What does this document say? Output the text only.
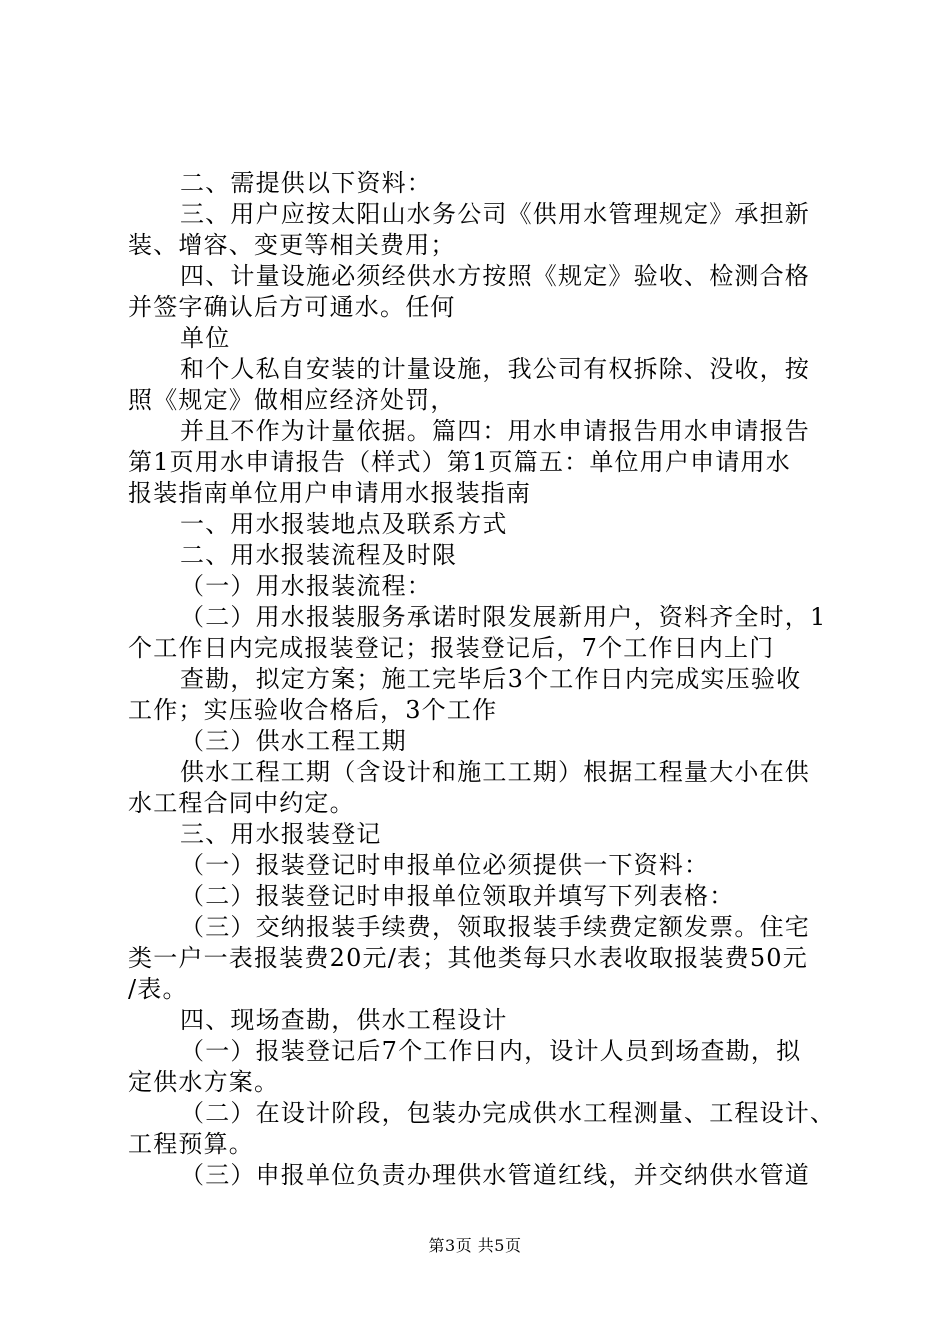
二、需提供以下资料：
三、用户应按太阳山水务公司《供用水管理规定》承担新
装、增容、变更等相关费用；
四、计量设施必须经供水方按照《规定》验收、检测合格
并签字确认后方可通水。任何
单位
和个人私自安装的计量设施，我公司有权拆除、没收，按
照《规定》做相应经济处罚，
并且不作为计量依据。篇四：用水申请报告用水申请报告
第1页用水申请报告（样式）第1页篇五：单位用户申请用水
报装指南单位用户申请用水报装指南
一、用水报装地点及联系方式
二、用水报装流程及时限
（一）用水报装流程：
（二）用水报装服务承诺时限发展新用户，资料齐全时，1
个工作日内完成报装登记；报装登记后，7个工作日内上门
查勘，拟定方案；施工完毕后3个工作日内完成实压验收
工作；实压验收合格后，3个工作
（三）供水工程工期
供水工程工期（含设计和施工工期）根据工程量大小在供
水工程合同中约定。
三、用水报装登记
（一）报装登记时申报单位必须提供一下资料：
（二）报装登记时申报单位领取并填写下列表格：
（三）交纳报装手续费，领取报装手续费定额发票。住宅
类一户一表报装费20元/表；其他类每只水表收取报装费50元
/表。
四、现场查勘，供水工程设计
（一）报装登记后7个工作日内，设计人员到场查勘，拟
定供水方案。
（二）在设计阶段，包装办完成供水工程测量、工程设计、
工程预算。
（三）申报单位负责办理供水管道红线，并交纳供水管道
第3页 共5页
